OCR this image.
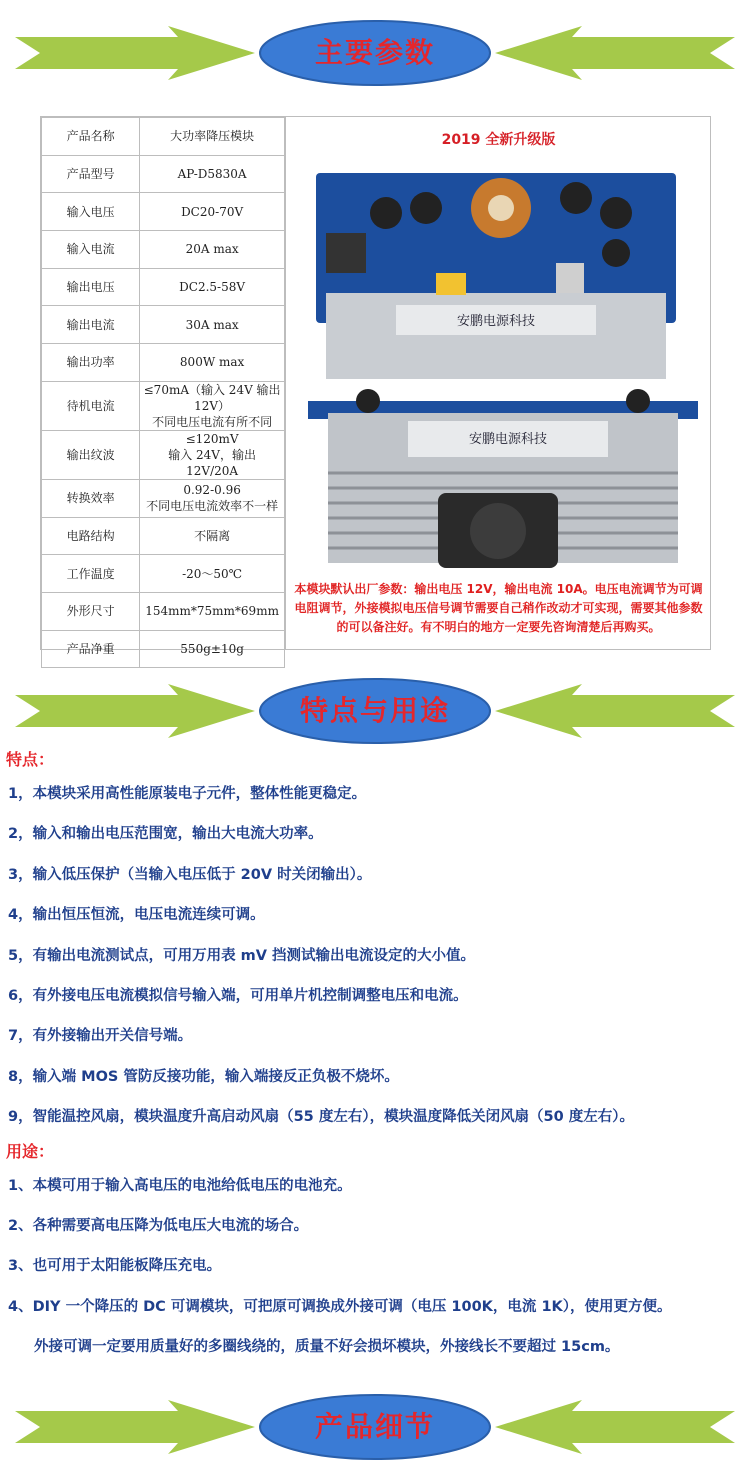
主要参数
产品名称	大功率降压模块

产品型号	AP-D5830A

输入电压	DC20-70V

输入电流	20A max

输出电压	DC2.5-58V

输出电流	30A max

输出功率	800W max

待机电流	≤70mA（输入 24V 输出 12V）
不同电压电流有所不同

输出纹波	≤120mV
输入 24V，输出 12V/20A

转换效率	0.92-0.96
不同电压电流效率不一样

电路结构	不隔离

工作温度	-20～50℃

外形尺寸	154mm*75mm*69mm

产品净重	550g±10g
2019 全新升级版
安鹏电源科技
安鹏电源科技
本模块默认出厂参数：输出电压 12V，输出电流 10A。电压电流调节为可调电阻调节，外接模拟电压信号调节需要自己稍作改动才可实现，需要其他参数的可以备注好。有不明白的地方一定要先咨询清楚后再购买。
特点与用途
特点：
1，本模块采用高性能原装电子元件，整体性能更稳定。
2，输入和输出电压范围宽，输出大电流大功率。
3，输入低压保护（当输入电压低于 20V 时关闭输出）。
4，输出恒压恒流，电压电流连续可调。
5，有输出电流测试点，可用万用表 mV 挡测试输出电流设定的大小值。
6，有外接电压电流模拟信号输入端，可用单片机控制调整电压和电流。
7，有外接输出开关信号端。
8，输入端 MOS 管防反接功能，输入端接反正负极不烧坏。
9，智能温控风扇，模块温度升高启动风扇（55 度左右），模块温度降低关闭风扇（50 度左右）。
用途：
1、本模可用于输入高电压的电池给低电压的电池充。
2、各种需要高电压降为低电压大电流的场合。
3、也可用于太阳能板降压充电。
4、DIY 一个降压的 DC 可调模块，可把原可调换成外接可调（电压 100K，电流 1K），使用更方便。
外接可调一定要用质量好的多圈线绕的，质量不好会损坏模块，外接线长不要超过 15cm。
产品细节
